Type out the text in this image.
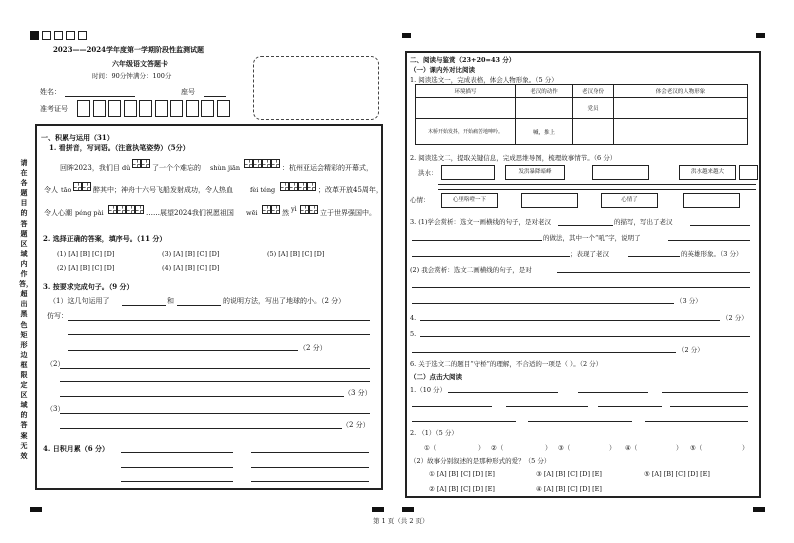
2023——2024学年度第一学期阶段性监测试题
六年级语文答题卡
时间：90分钟 满分：100分
姓名：	座号
准考证号
请在各题目的答题区域内作答，超出黑色矩形边框限定区域的答案无效
一、积累与运用（31）
1. 看拼音，写词语。（注意执笔姿势）（5分）
回眸2023，我们目 dǔ	了一个个难忘的 shùn jiān	：杭州亚运会精彩的开幕式，
令人 tāo	醉其中；神舟十六号飞船发射成功，令人热血	fèi téng	；改革开放45周年，
令人心潮 péng pài	……展望2024我们祝愿祖国 wēi	然 yì	立于世界强国中。
2. 选择正确的答案，填序号。（11 分）
(1) [A] [B] [C] [D]	(3) [A] [B] [C] [D]	(5) [A] [B] [C] [D]
(2) [A] [B] [C] [D]	(4) [A] [B] [C] [D]
3. 按要求完成句子。（9 分）
（1）这几句运用了	和	的说明方法，写出了地球的小。（2 分）
仿写：
（2 分）
（2）
（3 分）
（3）
（2 分）
4. 日积月累（6 分）
二、阅读与鉴赏（23+20=43 分）
（一）课内外对比阅读
1. 阅读选文一，完成表格，体会人物形象。（5 分）
环境描写	老汉的动作	老汉身份	体会老汉的人物形象
		党员	
木桥开始发抖，开始痛苦地呻吟。	喊，推上		
2. 阅读选文二，提取关键信息，完成思维导图，梳理故事情节。（6 分）
洪水：	发洪暴降暗峰	洪水越来越大
心情：	心里咯噔一下	心情了
3. (1)学会赏析：选文一画横线的句子，是对老汉	的描写，写出了老汉
的做法，其中一个“吼”字，说明了
；表现了老汉	的英雄形象。（3 分）
(2) 我会赏析：选文二画横线的句子，是对
（3 分）
4.	（2 分）
5.
（2 分）
6. 关于选文二的题目“守桥”的理解，不合适的一项是（ ）。（2 分）
（二）点击大阅读
1.（10 分）
2. （1）（5 分）
①（	） ②（	） ③（	） ④（	） ⑤（	）
（2）故事分别叙述的是那种形式的爱？（5 分）
① [A] [B] [C] [D] [E]	③ [A] [B] [C] [D] [E]	⑤ [A] [B] [C] [D] [E]
② [A] [B] [C] [D] [E]	④ [A] [B] [C] [D] [E]
第 1 页（共 2 页）
